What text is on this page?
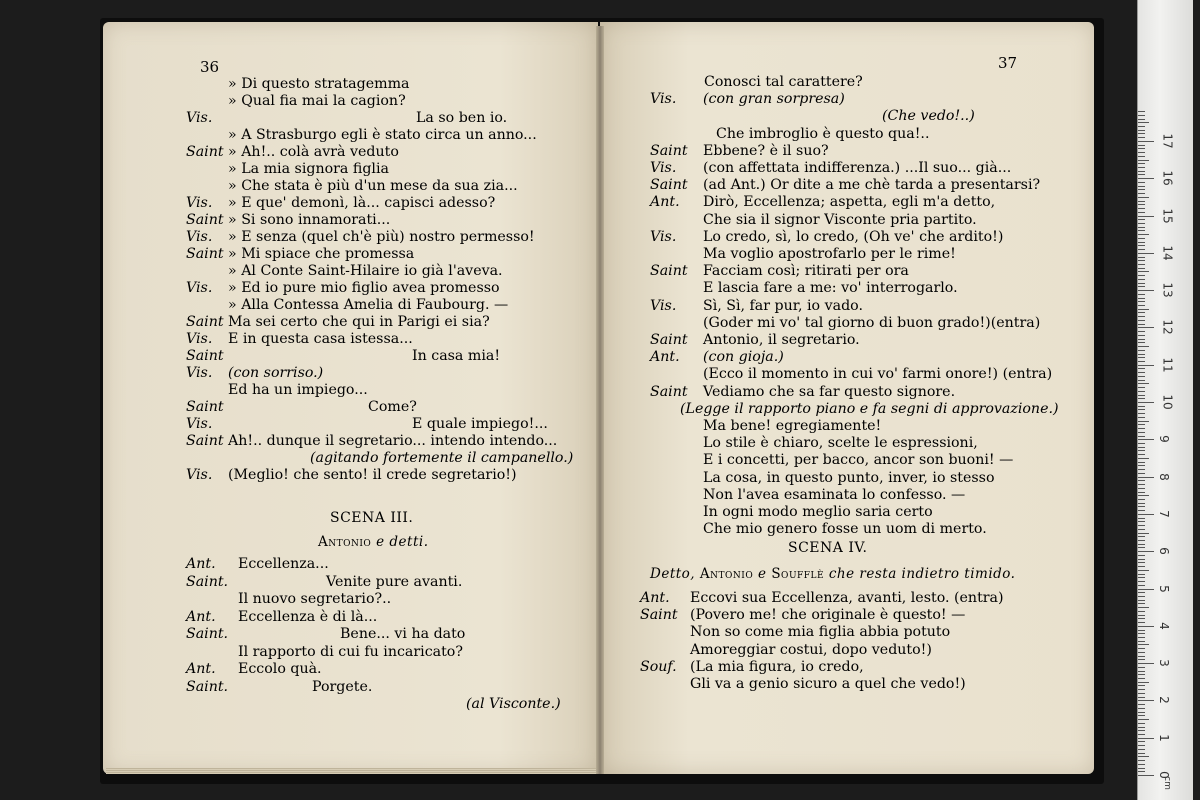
36
» Di questo stratagemma
» Qual fia mai la cagion?
Vis.	La so ben io.
» A Strasburgo egli è stato circa un anno...
Saint » Ah!.. colà avrà veduto
» La mia signora figlia
» Che stata è più d'un mese da sua zia...
Vis. » E que' demonì, là... capisci adesso?
Saint » Si sono innamorati...
Vis. » E senza (quel ch'è più) nostro permesso!
Saint » Mi spiace che promessa
» Al Conte Saint-Hilaire io già l'aveva.
Vis. » Ed io pure mio figlio avea promesso
» Alla Contessa Amelia di Faubourg. —
Saint Ma sei certo che qui in Parigi ei sia?
Vis. E in questa casa istessa...
Saint	In casa mia!
Vis. (con sorriso.)
Ed ha un impiego...
Saint	Come?
Vis.	E quale impiego!...
Saint Ah!.. dunque il segretario... intendo intendo...
(agitando fortemente il campanello.)
Vis. (Meglio! che sento! il crede segretario!)
SCENA III.
Antonio e detti.
Ant. Eccellenza...
Saint.	Venite pure avanti.
Il nuovo segretario?..
Ant. Eccellenza è di là...
Saint.	Bene... vi ha dato
Il rapporto di cui fu incaricato?
Ant. Eccolo quà.
Saint.	Porgete.
(al Visconte.)
37
Conosci tal carattere?
Vis. (con gran sorpresa)
(Che vedo!..)
Che imbroglio è questo qua!..
Saint Ebbene? è il suo?
Vis. (con affettata indifferenza.) ...Il suo... già...
Saint (ad Ant.) Or dite a me chè tarda a presentarsi?
Ant. Dirò, Eccellenza; aspetta, egli m'a detto,
Che sia il signor Visconte pria partito.
Vis. Lo credo, sì, lo credo, (Oh ve' che ardito!)
Ma voglio apostrofarlo per le rime!
Saint Facciam così; ritirati per ora
E lascia fare a me: vo' interrogarlo.
Vis. Sì, Sì, far pur, io vado.
(Goder mi vo' tal giorno di buon grado!)(entra)
Saint Antonio, il segretario.
Ant. (con gioja.)
(Ecco il momento in cui vo' farmi onore!) (entra)
Saint Vediamo che sa far questo signore.
(Legge il rapporto piano e fa segni di approvazione.)
Ma bene! egregiamente!
Lo stile è chiaro, scelte le espressioni,
E i concetti, per bacco, ancor son buoni! —
La cosa, in questo punto, inver, io stesso
Non l'avea esaminata lo confesso. —
In ogni modo meglio saria certo
Che mio genero fosse un uom di merto.
SCENA IV.
Detto, Antonio e Soufflè che resta indietro timido.
Ant. Eccovi sua Eccellenza, avanti, lesto. (entra)
Saint (Povero me! che originale è questo! —
Non so come mia figlia abbia potuto
Amoreggiar costui, dopo veduto!)
Souf. (La mia figura, io credo,
Gli va a genio sicuro a quel che vedo!)
0
1
2
3
4
5
6
7
8
9
10
11
12
13
14
15
16
17
cm
